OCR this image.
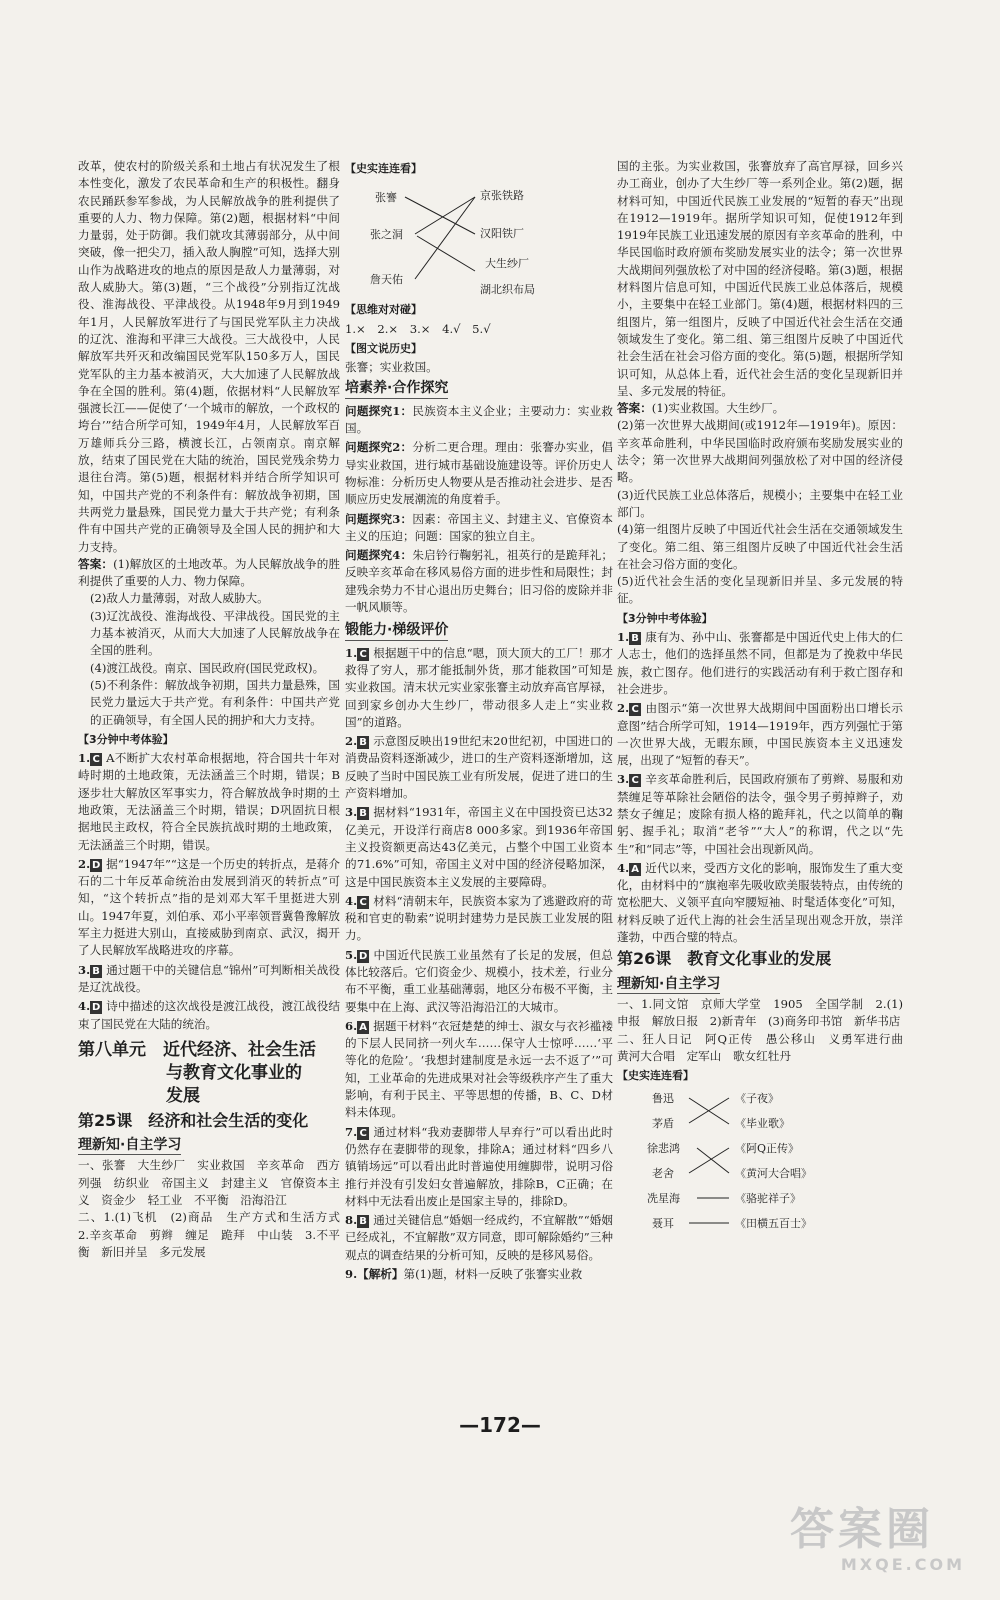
改革，使农村的阶级关系和土地占有状况发生了根本性变化，激发了农民革命和生产的积极性。翻身农民踊跃参军参战，为人民解放战争的胜利提供了重要的人力、物力保障。第(2)题，根据材料“中间力量弱，处于防御。我们就攻其薄弱部分，从中间突破，像一把尖刀，插入敌人胸膛”可知，选择大别山作为战略进攻的地点的原因是敌人力量薄弱，对敌人威胁大。第(3)题，“三个战役”分别指辽沈战役、淮海战役、平津战役。从1948年9月到1949年1月，人民解放军进行了与国民党军队主力决战的辽沈、淮海和平津三大战役。三大战役中，人民解放军共歼灭和改编国民党军队150多万人，国民党军队的主力基本被消灭，大大加速了人民解放战争在全国的胜利。第(4)题，依据材料“人民解放军强渡长江——促使了‘一个城市的解放，一个政权的垮台’”结合所学可知，1949年4月，人民解放军百万雄师兵分三路，横渡长江，占领南京。南京解放，结束了国民党在大陆的统治，国民党残余势力退往台湾。第(5)题，根据材料并结合所学知识可知，中国共产党的不利条件有：解放战争初期，国共两党力量悬殊，国民党力量大于共产党；有利条件有中国共产党的正确领导及全国人民的拥护和大力支持。

答案：(1)解放区的土地改革。为人民解放战争的胜利提供了重要的人力、物力保障。

(2)敌人力量薄弱，对敌人威胁大。

(3)辽沈战役、淮海战役、平津战役。国民党的主力基本被消灭，从而大大加速了人民解放战争在全国的胜利。

(4)渡江战役。南京、国民政府(国民党政权)。

(5)不利条件：解放战争初期，国共力量悬殊，国民党力量远大于共产党。有利条件：中国共产党的正确领导，有全国人民的拥护和大力支持。

【3分钟中考体验】

1. C A不断扩大农村革命根据地，符合国共十年对峙时期的土地政策，无法涵盖三个时期，错误；B逐步壮大解放区军事实力，符合解放战争时期的土地政策，无法涵盖三个时期，错误；D巩固抗日根据地民主政权，符合全民族抗战时期的土地政策，无法涵盖三个时期，错误。

2. D 据“1947年”“这是一个历史的转折点，是蒋介石的二十年反革命统治由发展到消灭的转折点”可知，“这个转折点”指的是刘邓大军千里挺进大别山。1947年夏，刘伯承、邓小平率领晋冀鲁豫解放军主力挺进大别山，直接威胁到南京、武汉，揭开了人民解放军战略进攻的序幕。

3. B 通过题干中的关键信息“锦州”可判断相关战役是辽沈战役。

4. D 诗中描述的这次战役是渡江战役，渡江战役结束了国民党在大陆的统治。

第八单元　近代经济、社会生活
与教育文化事业的
发展
第25课　经济和社会生活的变化
理新知·自主学习

一、张謇　大生纱厂　实业救国　辛亥革命　西方列强　纺织业　帝国主义　封建主义　官僚资本主义　资金少　轻工业　不平衡　沿海沿江

二、1.(1)飞机　(2)商品　生产方式和生活方式　2.辛亥革命　剪辫　缠足　跪拜　中山装　3.不平衡　新旧并呈　多元发展

【史实连连看】
张謇
张之洞
詹天佑
京张铁路
汉阳铁厂
大生纱厂
湖北织布局
【思维对对碰】

1.×　2.×　3.×　4.√　5.√

【图文说历史】

张謇；实业救国。

培素养·合作探究

问题探究1：民族资本主义企业；主要动力：实业救国。

问题探究2：分析二更合理。理由：张謇办实业，倡导实业救国，进行城市基础设施建设等。评价历史人物标准：分析历史人物要从是否推动社会进步、是否顺应历史发展潮流的角度着手。

问题探究3：因素：帝国主义、封建主义、官僚资本主义的压迫；问题：国家的独立自主。

问题探究4：朱启钤行鞠躬礼，祖英行的是跪拜礼；反映辛亥革命在移风易俗方面的进步性和局限性；封建残余势力不甘心退出历史舞台；旧习俗的废除并非一帆风顺等。

锻能力·梯级评价

1. C 根据题干中的信息“嗯，顶大顶大的工厂！那才救得了穷人，那才能抵制外货，那才能救国”可知是实业救国。清末状元实业家张謇主动放弃高官厚禄，回到家乡创办大生纱厂，带动很多人走上“实业救国”的道路。

2. B 示意图反映出19世纪末20世纪初，中国进口的消费品资料逐渐减少，进口的生产资料逐渐增加，这反映了当时中国民族工业有所发展，促进了进口的生产资料增加。

3. B 据材料“1931年，帝国主义在中国投资已达32亿美元，开设洋行商店8 000多家。到1936年帝国主义投资额更高达43亿美元，占整个中国工业资本的71.6%”可知，帝国主义对中国的经济侵略加深，这是中国民族资本主义发展的主要障碍。

4. C 材料“清朝末年，民族资本家为了逃避政府的苛税和官吏的勒索”说明封建势力是民族工业发展的阻力。

5. D 中国近代民族工业虽然有了长足的发展，但总体比较落后。它们资金少、规模小，技术差，行业分布不平衡，重工业基础薄弱，地区分布极不平衡，主要集中在上海、武汉等沿海沿江的大城市。

6. A 据题干材料“衣冠楚楚的绅士、淑女与衣衫褴褛的下层人民同挤一列火车……保守人士惊呼……‘平等化的危险’。‘我想封建制度是永远一去不返了’”可知，工业革命的先进成果对社会等级秩序产生了重大影响，有利于民主、平等思想的传播，B、C、D材料未体现。

7. C 通过材料“我劝妻脚带人早弃行”可以看出此时仍然存在妻脚带的现象，排除A；通过材料“四乡八镇销场远”可以看出此时普遍使用缠脚带，说明习俗推行并没有引发妇女普遍解放，排除B，C正确；在材料中无法看出废止是国家主导的，排除D。

8. B 通过关键信息“婚姻一经成约，不宜解散”“婚姻已经成礼，不宜解散”双方同意，即可解除婚约”三种观点的调查结果的分析可知，反映的是移风易俗。

9.【解析】第(1)题，材料一反映了张謇实业救

国的主张。为实业救国，张謇放弃了高官厚禄，回乡兴办工商业，创办了大生纱厂等一系列企业。第(2)题，据材料可知，中国近代民族工业发展的“短暂的春天”出现在1912—1919年。据所学知识可知，促使1912年到1919年民族工业迅速发展的原因有辛亥革命的胜利，中华民国临时政府颁布奖励发展实业的法令；第一次世界大战期间列强放松了对中国的经济侵略。第(3)题，根据材料图片信息可知，中国近代民族工业总体落后，规模小，主要集中在轻工业部门。第(4)题，根据材料四的三组图片，第一组图片，反映了中国近代社会生活在交通领域发生了变化。第二组、第三组图片反映了中国近代社会生活在社会习俗方面的变化。第(5)题，根据所学知识可知，从总体上看，近代社会生活的变化呈现新旧并呈、多元发展的特征。

答案：(1)实业救国。大生纱厂。

(2)第一次世界大战期间(或1912年—1919年)。原因：辛亥革命胜利，中华民国临时政府颁布奖励发展实业的法令；第一次世界大战期间列强放松了对中国的经济侵略。

(3)近代民族工业总体落后，规模小；主要集中在轻工业部门。

(4)第一组图片反映了中国近代社会生活在交通领域发生了变化。第二组、第三组图片反映了中国近代社会生活在社会习俗方面的变化。

(5)近代社会生活的变化呈现新旧并呈、多元发展的特征。

【3分钟中考体验】

1. B 康有为、孙中山、张謇都是中国近代史上伟大的仁人志士，他们的选择虽然不同，但都是为了挽救中华民族，救亡图存。他们进行的实践活动有利于救亡图存和社会进步。

2. C 由图示“第一次世界大战期间中国面粉出口增长示意图”结合所学可知，1914—1919年，西方列强忙于第一次世界大战，无暇东顾，中国民族资本主义迅速发展，出现了“短暂的春天”。

3. C 辛亥革命胜利后，民国政府颁布了剪辫、易服和劝禁缠足等革除社会陋俗的法令，强令男子剪掉辫子，劝禁女子缠足；废除有损人格的跪拜礼，代之以简单的鞠躬、握手礼；取消“老爷”“大人”的称谓，代之以“先生”和“同志”等，中国社会出现新风尚。

4. A 近代以来，受西方文化的影响，服饰发生了重大变化，由材料中的“旗袍率先吸收欧美服装特点，由传统的宽松肥大、义领平直向窄腰短袖、时髦适体变化”可知，材料反映了近代上海的社会生活呈现出观念开放，崇洋蓬勃，中西合璧的特点。

第26课　教育文化事业的发展
理新知·自主学习

一、1.同文馆　京师大学堂　1905　全国学制　2.(1)申报　解放日报　2)新青年　(3)商务印书馆　新华书店

二、狂人日记　阿Q正传　愚公移山　义勇军进行曲　黄河大合唱　定军山　歌女红牡丹

【史实连连看】
鲁迅
茅盾
徐悲鸿
老舍
冼星海
聂耳
《子夜》
《毕业歌》
《阿Q正传》
《黄河大合唱》
《骆驼祥子》
《田横五百士》
—172—
答案圈
MXQE.COM
